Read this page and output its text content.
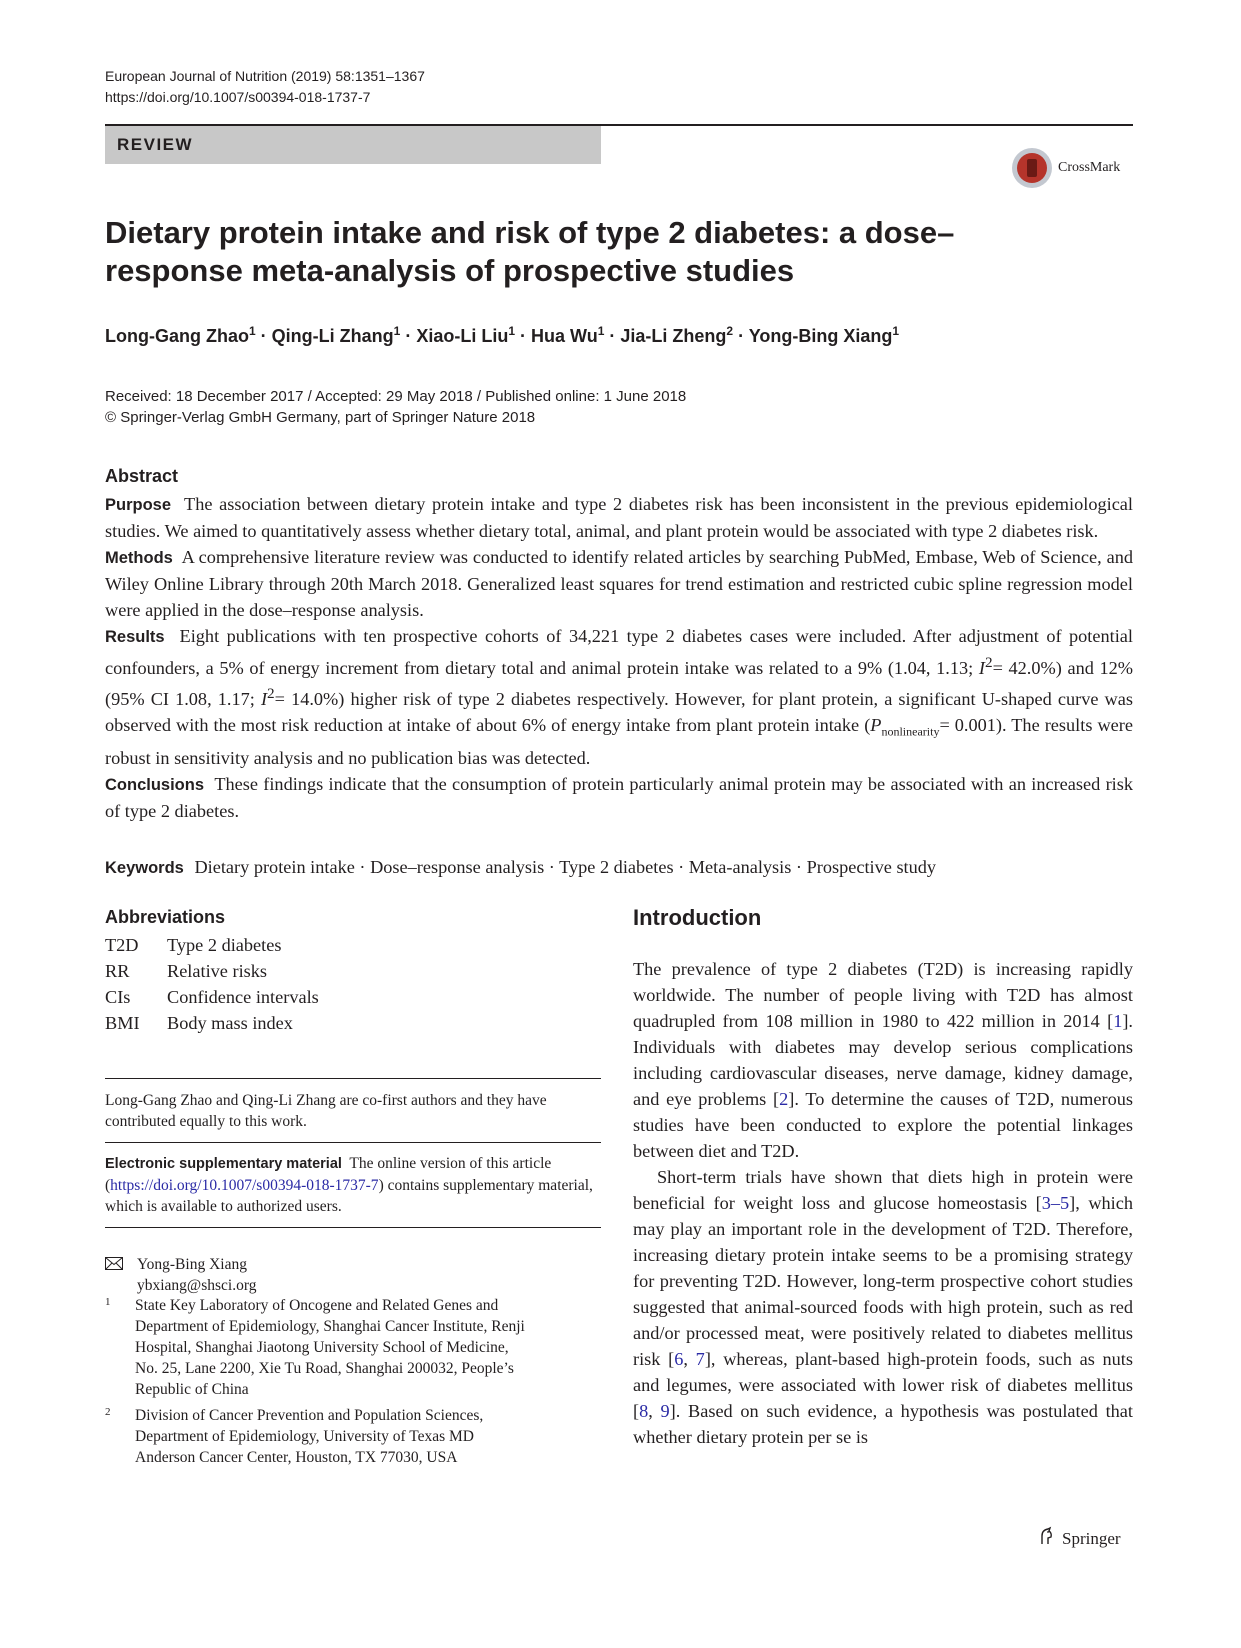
European Journal of Nutrition (2019) 58:1351–1367
https://doi.org/10.1007/s00394-018-1737-7
REVIEW
CrossMark
Dietary protein intake and risk of type 2 diabetes: a dose–response meta-analysis of prospective studies
Long-Gang Zhao$^1$ · Qing-Li Zhang$^1$ · Xiao-Li Liu$^1$ · Hua $Wu^1 \cdot Jia-Li$ Zheng$^2$ · Yong-Bing Xiang$^1$
Received: 18 December 2017 / Accepted: 29 May 2018 / Published online: 1 June 2018
© Springer-Verlag GmbH Germany, part of Springer Nature 2018
Abstract
Purpose The association between dietary protein intake and type 2 diabetes risk has been inconsistent in the previous epidemiological studies. We aimed to quantitatively assess whether dietary total, animal, and plant protein would be associated with type 2 diabetes risk.
Methods A comprehensive literature review was conducted to identify related articles by searching PubMed, Embase, Web of Science, and Wiley Online Library through 20th March 2018. Generalized least squares for trend estimation and restricted cubic spline regression model were applied in the dose–response analysis.
Results Eight publications with ten prospective cohorts of 34,221 type 2 diabetes cases were included. After adjustment of potential confounders, a 5% of energy increment from dietary total and animal protein intake was related to a 9% (1.04, 1.13; $I^2= 42.0\%$) and 12% (95% CI 1.08, 1.17; $I^2= 14.0\%$) higher risk of type 2 diabetes respectively. However, for plant protein, a significant U-shaped curve was observed with the most risk reduction at intake of about 6% of energy intake from plant protein intake $(P_{nonlinearity}= 0.001)$. The results were robust in sensitivity analysis and no publication bias was detected.
Conclusions These findings indicate that the consumption of protein particularly animal protein may be associated with an increased risk of type 2 diabetes.
Keywords Dietary protein intake · Dose–response analysis · Type 2 diabetes · Meta-analysis · Prospective study
Abbreviations
T2D	Type 2 diabetes
RR	Relative risks
CIs	Confidence intervals
BMI	Body mass index
Long-Gang Zhao and Qing-Li Zhang are co-first authors and they have contributed equally to this work.
Electronic supplementary material The online version of this article (https://doi.org/10.1007/s00394-018-1737-7) contains supplementary material, which is available to authorized users.
Yong-Bing Xiang
ybxiang@shsci.org
1	State Key Laboratory of Oncogene and Related Genes and Department of Epidemiology, Shanghai Cancer Institute, Renji Hospital, Shanghai Jiaotong University School of Medicine, No. 25, Lane 2200, Xie Tu Road, Shanghai 200032, People’s Republic of China
2	Division of Cancer Prevention and Population Sciences, Department of Epidemiology, University of Texas MD Anderson Cancer Center, Houston, TX 77030, USA
Introduction

The prevalence of type 2 diabetes (T2D) is increasing rapidly worldwide. The number of people living with T2D has almost quadrupled from 108 million in 1980 to 422 million in 2014 [1]. Individuals with diabetes may develop serious complications including cardiovascular diseases, nerve damage, kidney damage, and eye problems [2]. To determine the causes of T2D, numerous studies have been conducted to explore the potential linkages between diet and T2D.

Short-term trials have shown that diets high in protein were beneficial for weight loss and glucose homeostasis [3–5], which may play an important role in the development of T2D. Therefore, increasing dietary protein intake seems to be a promising strategy for preventing T2D. However, long-term prospective cohort studies suggested that animal-sourced foods with high protein, such as red and/or processed meat, were positively related to diabetes mellitus risk [6, 7], whereas, plant-based high-protein foods, such as nuts and legumes, were associated with lower risk of diabetes mellitus [8, 9]. Based on such evidence, a hypothesis was postulated that whether dietary protein per se is

Springer
